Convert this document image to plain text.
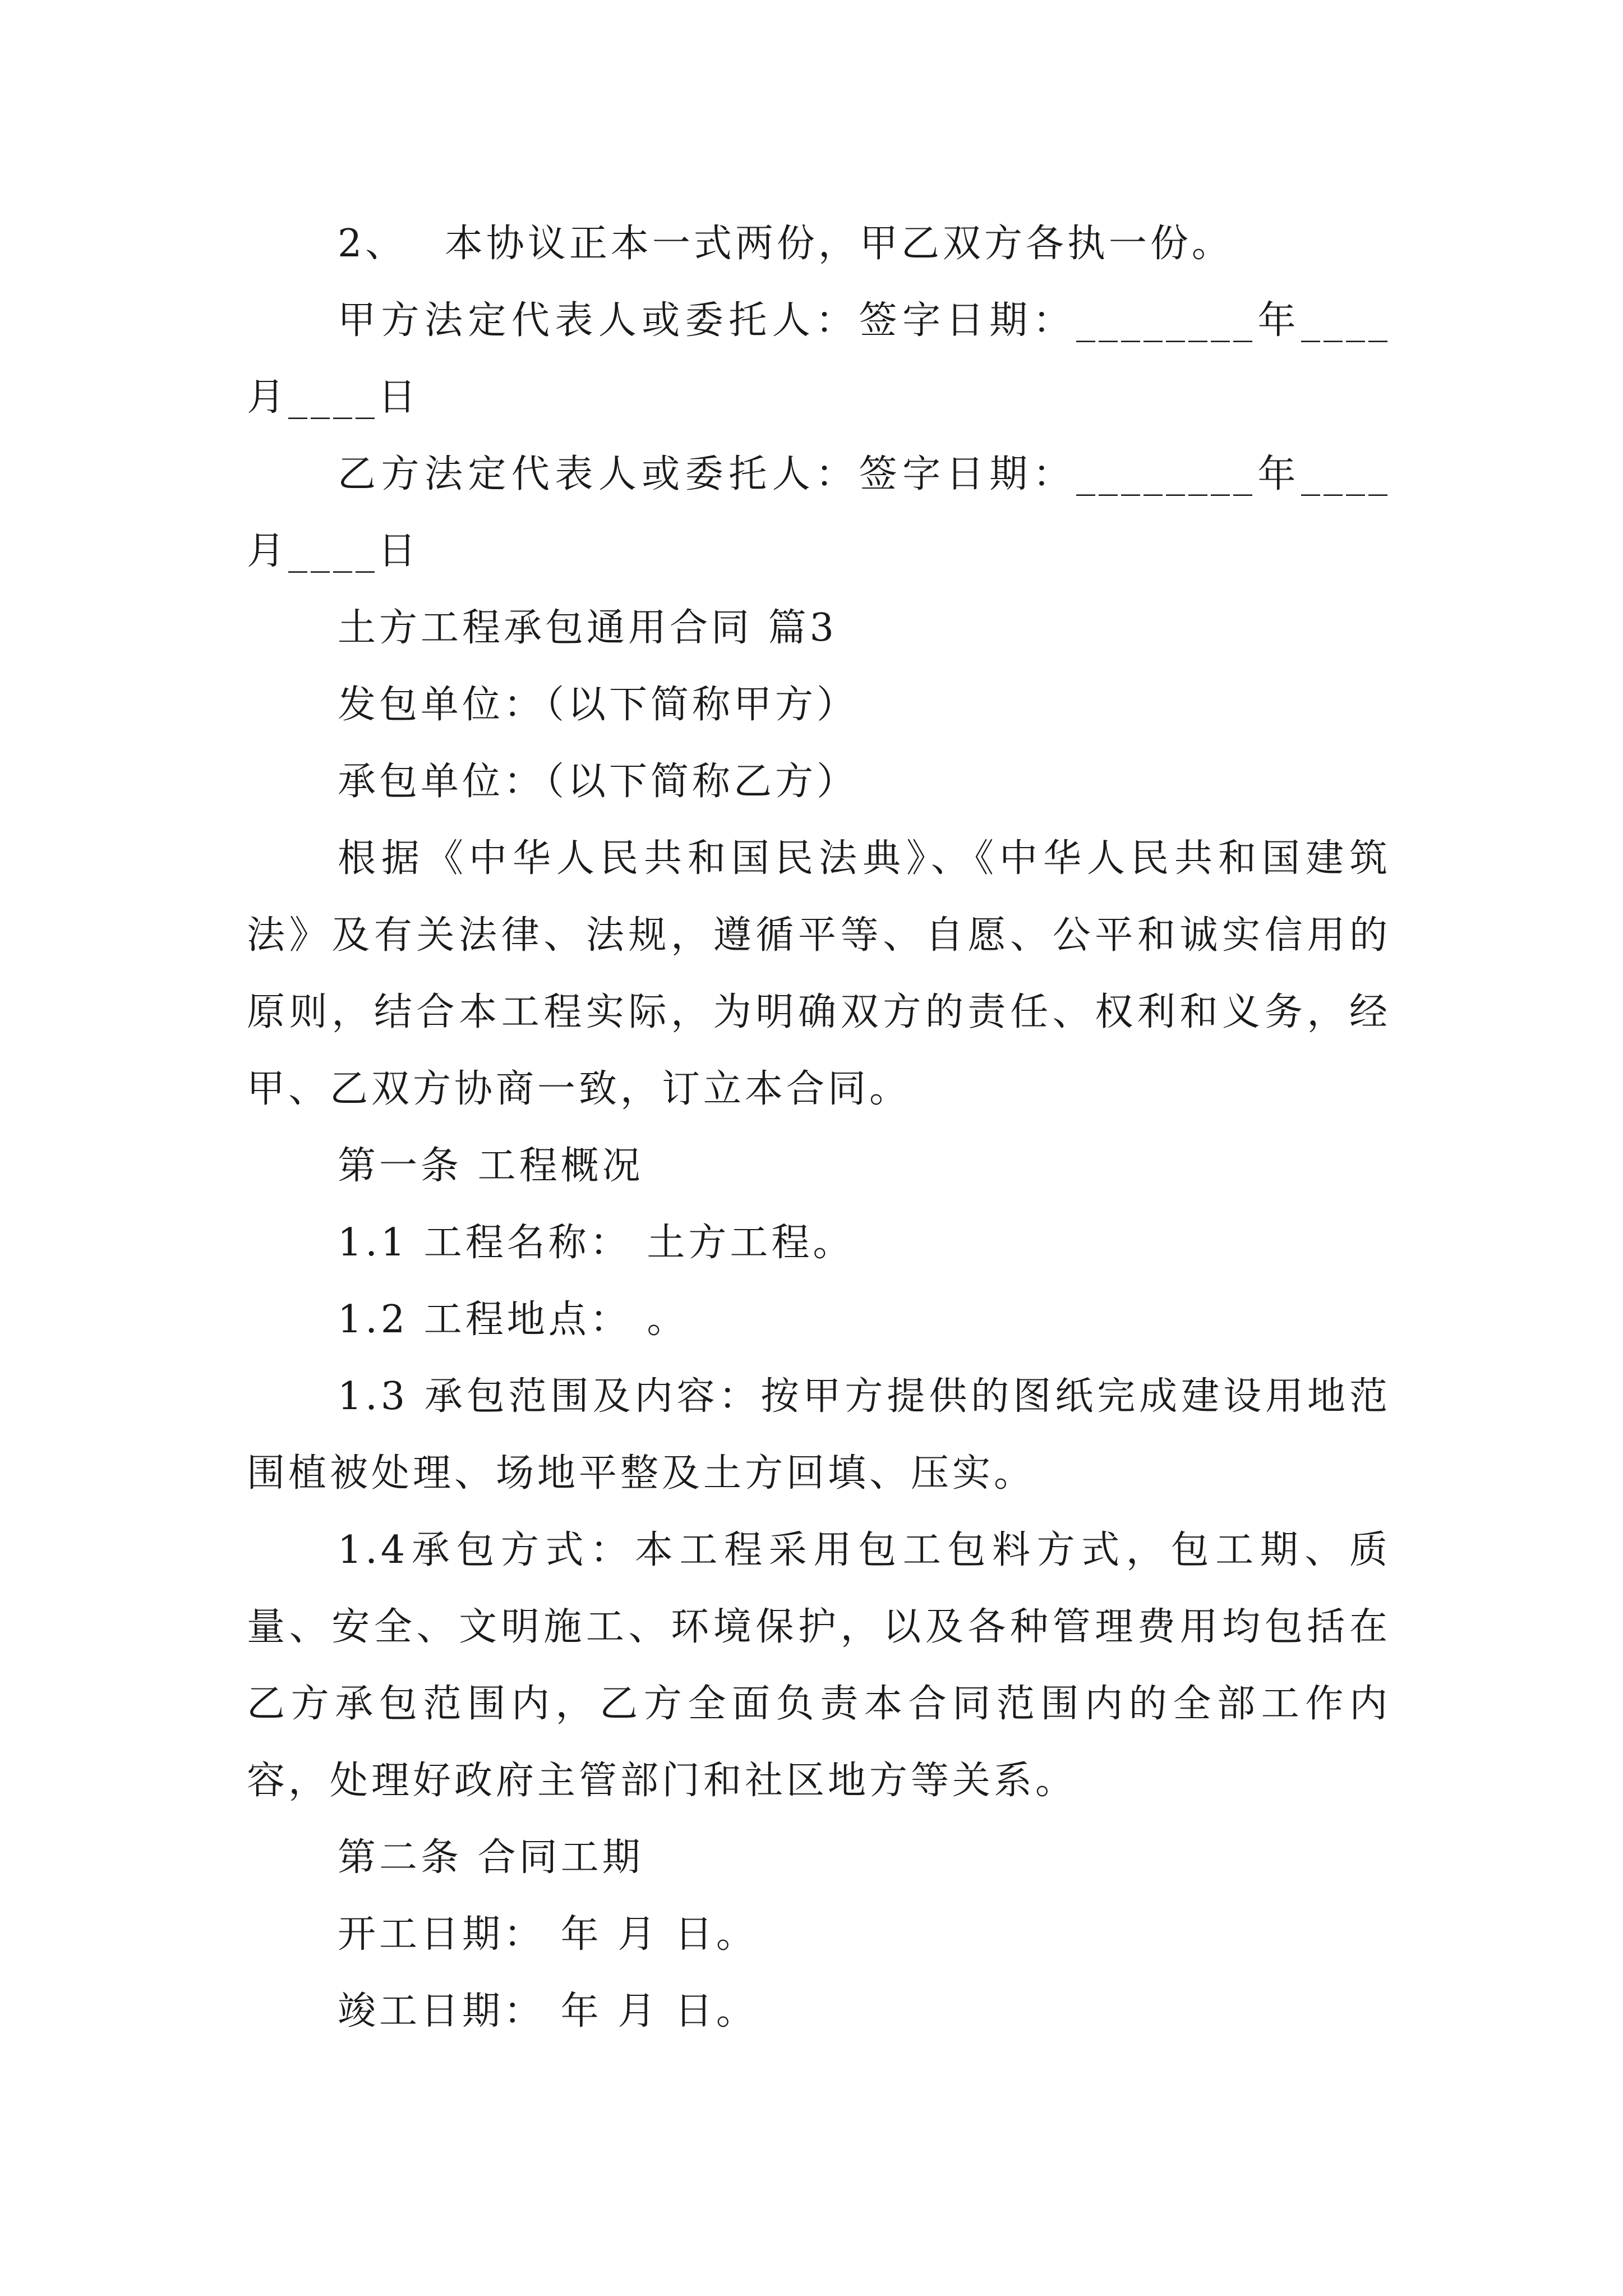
2、　 本协议正本一式两份，甲乙双方各执一份。

甲方法定代表人或委托人：签字日期：________年____月____日

乙方法定代表人或委托人：签字日期：________年____月____日

土方工程承包通用合同 篇3

发包单位：（以下简称甲方）

承包单位：（以下简称乙方）

根据《中华人民共和国民法典》、《中华人民共和国建筑法》及有关法律、法规，遵循平等、自愿、公平和诚实信用的原则，结合本工程实际，为明确双方的责任、权利和义务，经甲、乙双方协商一致，订立本合同。

第一条 工程概况

1.1 工程名称： 土方工程。

1.2 工程地点： 。

1.3 承包范围及内容：按甲方提供的图纸完成建设用地范围植被处理、场地平整及土方回填、压实。

1.4承包方式：本工程采用包工包料方式，包工期、质量、安全、文明施工、环境保护，以及各种管理费用均包括在乙方承包范围内，乙方全面负责本合同范围内的全部工作内容，处理好政府主管部门和社区地方等关系。

第二条 合同工期

开工日期： 年 月 日。

竣工日期： 年 月 日。
